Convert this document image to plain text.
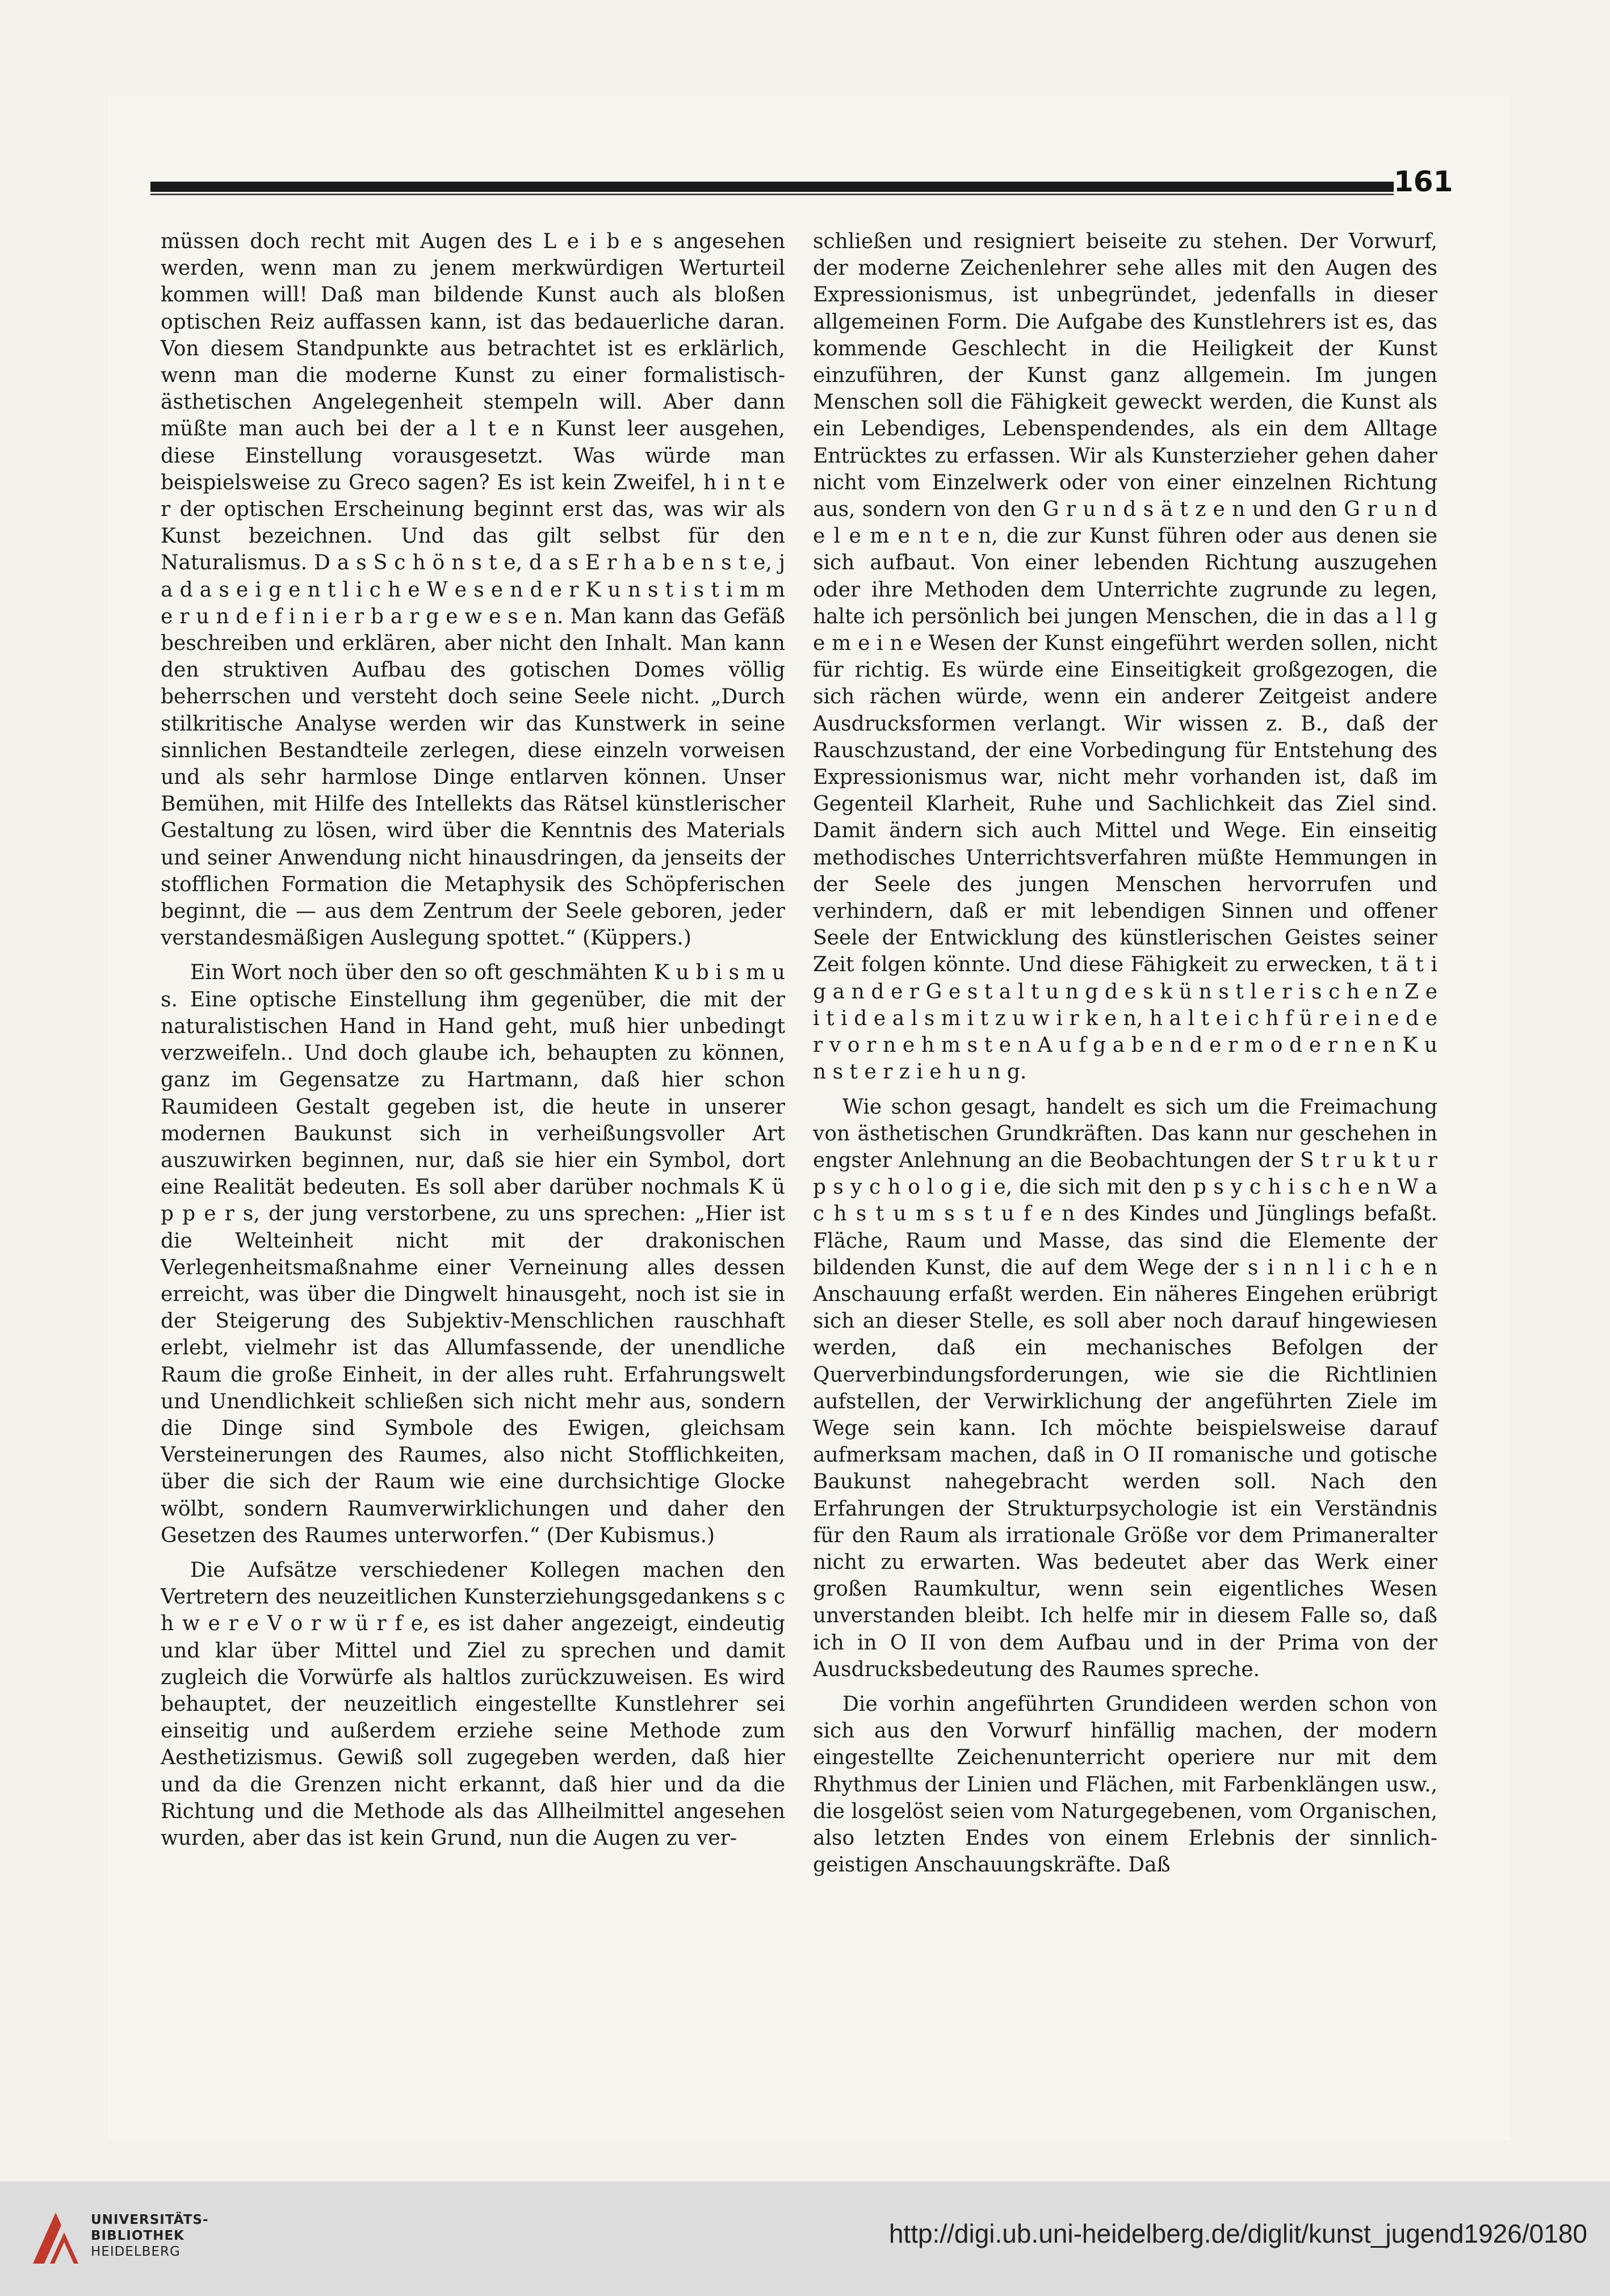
161

müssen doch recht mit Augen des L e i b e s angesehen werden, wenn man zu jenem merkwürdigen Werturteil kommen will! Daß man bildende Kunst auch als bloßen optischen Reiz auffassen kann, ist das bedauerliche daran. Von diesem Standpunkte aus betrachtet ist es erklärlich, wenn man die moderne Kunst zu einer formalistisch-ästhetischen Angelegenheit stempeln will. Aber dann müßte man auch bei der a l t e n Kunst leer ausgehen, diese Einstellung vorausgesetzt. Was würde man beispielsweise zu Greco sagen? Es ist kein Zweifel, h i n t e r der optischen Erscheinung beginnt erst das, was wir als Kunst bezeichnen. Und das gilt selbst für den Naturalismus. D a s S c h ö n s t e, d a s E r h a b e n s t e, j a d a s e i g e n t l i c h e W e s e n d e r K u n s t i s t i m m e r u n d e f i n i e r b a r g e w e s e n. Man kann das Gefäß beschreiben und erklären, aber nicht den Inhalt. Man kann den struktiven Aufbau des gotischen Domes völlig beherrschen und versteht doch seine Seele nicht. „Durch stilkritische Analyse werden wir das Kunstwerk in seine sinnlichen Bestandteile zerlegen, diese einzeln vorweisen und als sehr harmlose Dinge entlarven können. Unser Bemühen, mit Hilfe des Intellekts das Rätsel künstlerischer Gestaltung zu lösen, wird über die Kenntnis des Materials und seiner Anwendung nicht hinausdringen, da jenseits der stofflichen Formation die Metaphysik des Schöpferischen beginnt, die — aus dem Zentrum der Seele geboren, jeder verstandesmäßigen Auslegung spottet.“ (Küppers.)

Ein Wort noch über den so oft geschmähten K u b i s m u s. Eine optische Einstellung ihm gegenüber, die mit der naturalistischen Hand in Hand geht, muß hier unbedingt verzweifeln.. Und doch glaube ich, behaupten zu können, ganz im Gegensatze zu Hartmann, daß hier schon Raumideen Gestalt gegeben ist, die heute in unserer modernen Baukunst sich in verheißungsvoller Art auszuwirken beginnen, nur, daß sie hier ein Symbol, dort eine Realität bedeuten. Es soll aber darüber nochmals K ü p p e r s, der jung verstorbene, zu uns sprechen: „Hier ist die Welteinheit nicht mit der drakonischen Verlegenheitsmaßnahme einer Verneinung alles dessen erreicht, was über die Dingwelt hinausgeht, noch ist sie in der Steigerung des Subjektiv-Menschlichen rauschhaft erlebt, vielmehr ist das Allumfassende, der unendliche Raum die große Einheit, in der alles ruht. Erfahrungswelt und Unendlichkeit schließen sich nicht mehr aus, sondern die Dinge sind Symbole des Ewigen, gleichsam Versteinerungen des Raumes, also nicht Stofflichkeiten, über die sich der Raum wie eine durchsichtige Glocke wölbt, sondern Raumverwirklichungen und daher den Gesetzen des Raumes unterworfen.“ (Der Kubismus.)

Die Aufsätze verschiedener Kollegen machen den Vertretern des neuzeitlichen Kunsterziehungsgedankens s c h w e r e V o r w ü r f e, es ist daher angezeigt, eindeutig und klar über Mittel und Ziel zu sprechen und damit zugleich die Vorwürfe als haltlos zurückzuweisen. Es wird behauptet, der neuzeitlich eingestellte Kunstlehrer sei einseitig und außerdem erziehe seine Methode zum Aesthetizismus. Gewiß soll zugegeben werden, daß hier und da die Grenzen nicht erkannt, daß hier und da die Richtung und die Methode als das Allheilmittel angesehen wurden, aber das ist kein Grund, nun die Augen zu ver-

schließen und resigniert beiseite zu stehen. Der Vorwurf, der moderne Zeichenlehrer sehe alles mit den Augen des Expressionismus, ist unbegründet, jedenfalls in dieser allgemeinen Form. Die Aufgabe des Kunstlehrers ist es, das kommende Geschlecht in die Heiligkeit der Kunst einzuführen, der Kunst ganz allgemein. Im jungen Menschen soll die Fähigkeit geweckt werden, die Kunst als ein Lebendiges, Lebenspendendes, als ein dem Alltage Entrücktes zu erfassen. Wir als Kunsterzieher gehen daher nicht vom Einzelwerk oder von einer einzelnen Richtung aus, sondern von den G r u n d s ä t z e n und den G r u n d e l e m e n t e n, die zur Kunst führen oder aus denen sie sich aufbaut. Von einer lebenden Richtung auszugehen oder ihre Methoden dem Unterrichte zugrunde zu legen, halte ich persönlich bei jungen Menschen, die in das a l l g e m e i n e Wesen der Kunst eingeführt werden sollen, nicht für richtig. Es würde eine Einseitigkeit großgezogen, die sich rächen würde, wenn ein anderer Zeitgeist andere Ausdrucksformen verlangt. Wir wissen z. B., daß der Rauschzustand, der eine Vorbedingung für Entstehung des Expressionismus war, nicht mehr vorhanden ist, daß im Gegenteil Klarheit, Ruhe und Sachlichkeit das Ziel sind. Damit ändern sich auch Mittel und Wege. Ein einseitig methodisches Unterrichtsverfahren müßte Hemmungen in der Seele des jungen Menschen hervorrufen und verhindern, daß er mit lebendigen Sinnen und offener Seele der Entwicklung des künstlerischen Geistes seiner Zeit folgen könnte. Und diese Fähigkeit zu erwecken, t ä t i g a n d e r G e s t a l t u n g d e s k ü n s t l e r i s c h e n Z e i t i d e a l s m i t z u w i r k e n, h a l t e i c h f ü r e i n e d e r v o r n e h m s t e n A u f g a b e n d e r m o d e r n e n K u n s t e r z i e h u n g.

Wie schon gesagt, handelt es sich um die Freimachung von ästhetischen Grundkräften. Das kann nur geschehen in engster Anlehnung an die Beobachtungen der S t r u k t u r p s y c h o l o g i e, die sich mit den p s y c h i s c h e n W a c h s t u m s s t u f e n des Kindes und Jünglings befaßt. Fläche, Raum und Masse, das sind die Elemente der bildenden Kunst, die auf dem Wege der s i n n l i c h e n Anschauung erfaßt werden. Ein näheres Eingehen erübrigt sich an dieser Stelle, es soll aber noch darauf hingewiesen werden, daß ein mechanisches Befolgen der Querverbindungsforderungen, wie sie die Richtlinien aufstellen, der Verwirklichung der angeführten Ziele im Wege sein kann. Ich möchte beispielsweise darauf aufmerksam machen, daß in O II romanische und gotische Baukunst nahegebracht werden soll. Nach den Erfahrungen der Strukturpsychologie ist ein Verständnis für den Raum als irrationale Größe vor dem Primaneralter nicht zu erwarten. Was bedeutet aber das Werk einer großen Raumkultur, wenn sein eigentliches Wesen unverstanden bleibt. Ich helfe mir in diesem Falle so, daß ich in O II von dem Aufbau und in der Prima von der Ausdrucksbedeutung des Raumes spreche.

Die vorhin angeführten Grundideen werden schon von sich aus den Vorwurf hinfällig machen, der modern eingestellte Zeichenunterricht operiere nur mit dem Rhythmus der Linien und Flächen, mit Farbenklängen usw., die losgelöst seien vom Naturgegebenen, vom Organischen, also letzten Endes von einem Erlebnis der sinnlich-geistigen Anschauungskräfte. Daß

UNIVERSITÄTS-
BIBLIOTHEK
HEIDELBERG
http://digi.ub.uni-heidelberg.de/diglit/kunst_jugend1926/0180
